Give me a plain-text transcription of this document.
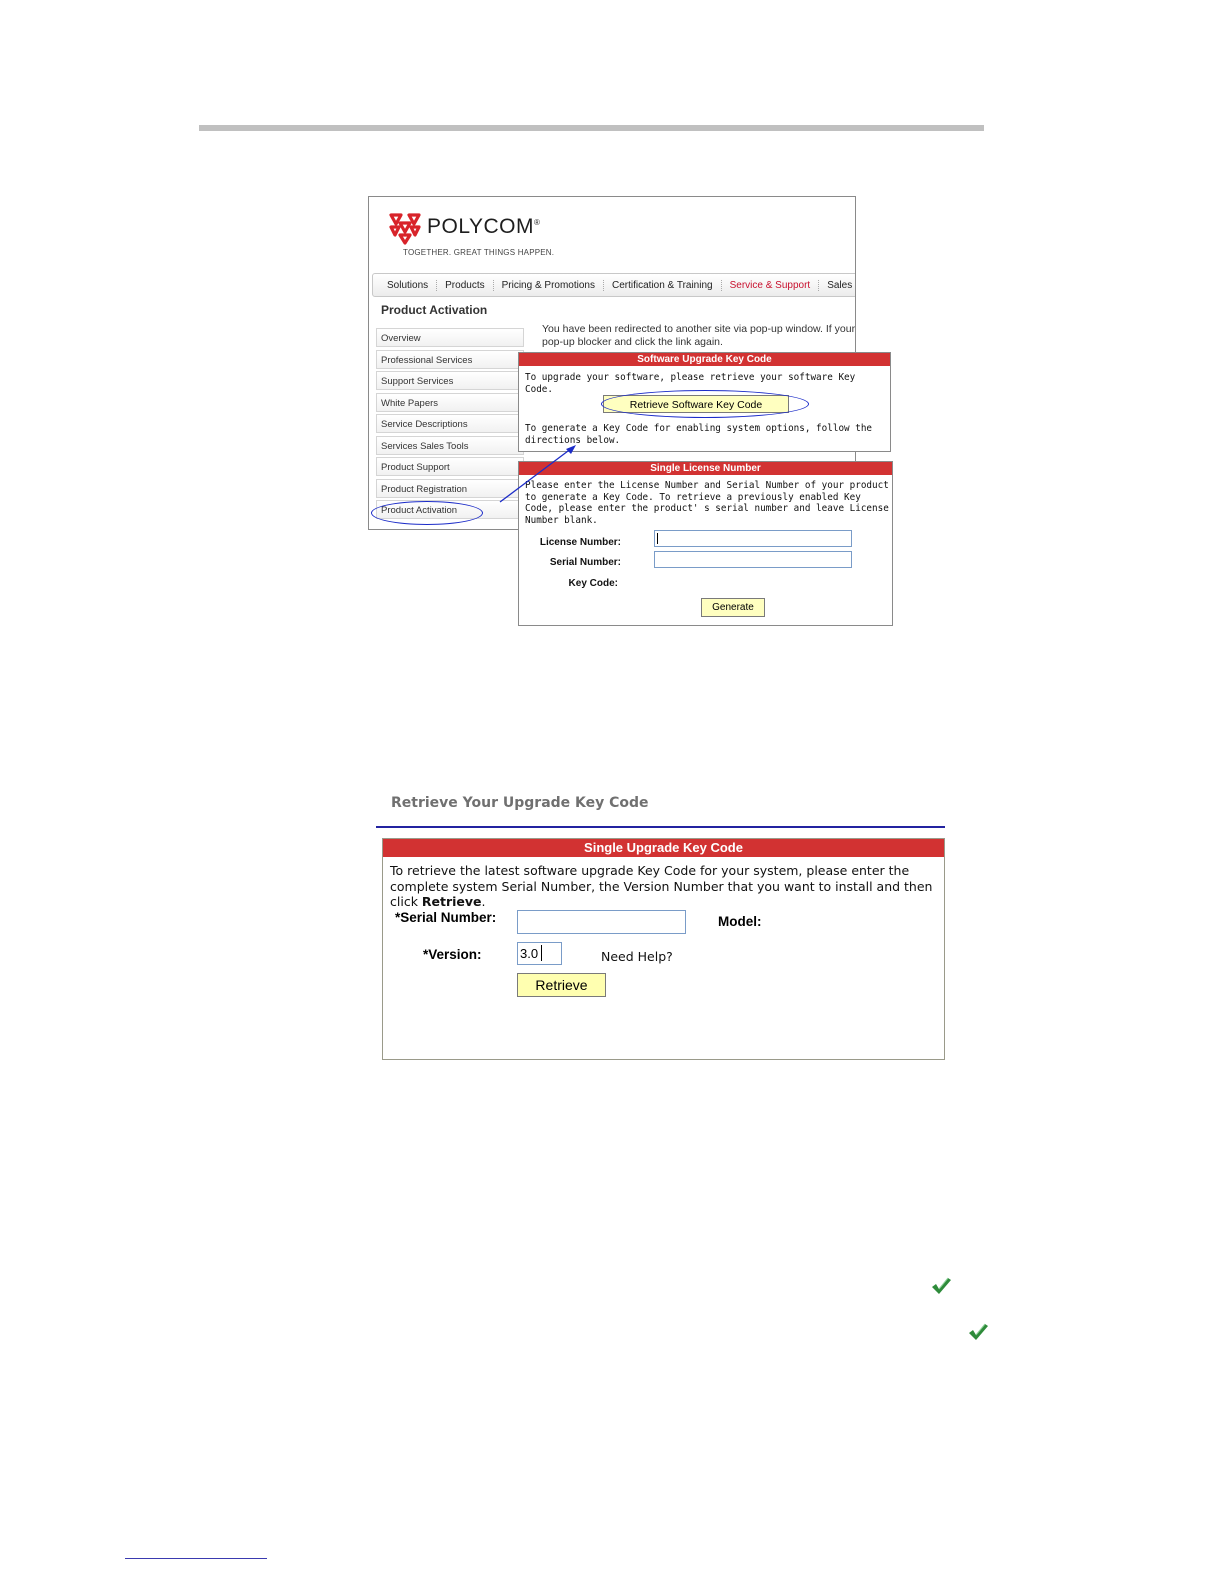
POLYCOM®
TOGETHER. GREAT THINGS HAPPEN.
Solutions	Products	Pricing & Promotions	Certification & Training	Service & Support	Sales
Product Activation
Overview
Professional Services
Support Services
White Papers
Service Descriptions
Services Sales Tools
Product Support
Product Registration
Product Activation
You have been redirected to another site via pop-up window. If your pop-up blocker and click the link again.
Software Upgrade Key Code
To upgrade your software, please retrieve your software Key Code.
Retrieve Software Key Code
To generate a Key Code for enabling system options, follow the directions below.
Single License Number
Please enter the License Number and Serial Number of your product to generate a Key Code. To retrieve a previously enabled Key Code, please enter the product' s serial number and leave License Number blank.
License Number:
Serial Number:
Key Code:
Generate
Retrieve Your Upgrade Key Code
Single Upgrade Key Code
To retrieve the latest software upgrade Key Code for your system, please enter the complete system Serial Number, the Version Number that you want to install and then click Retrieve.
*Serial Number:	Model:
*Version:	3.0	Need Help?
Retrieve
